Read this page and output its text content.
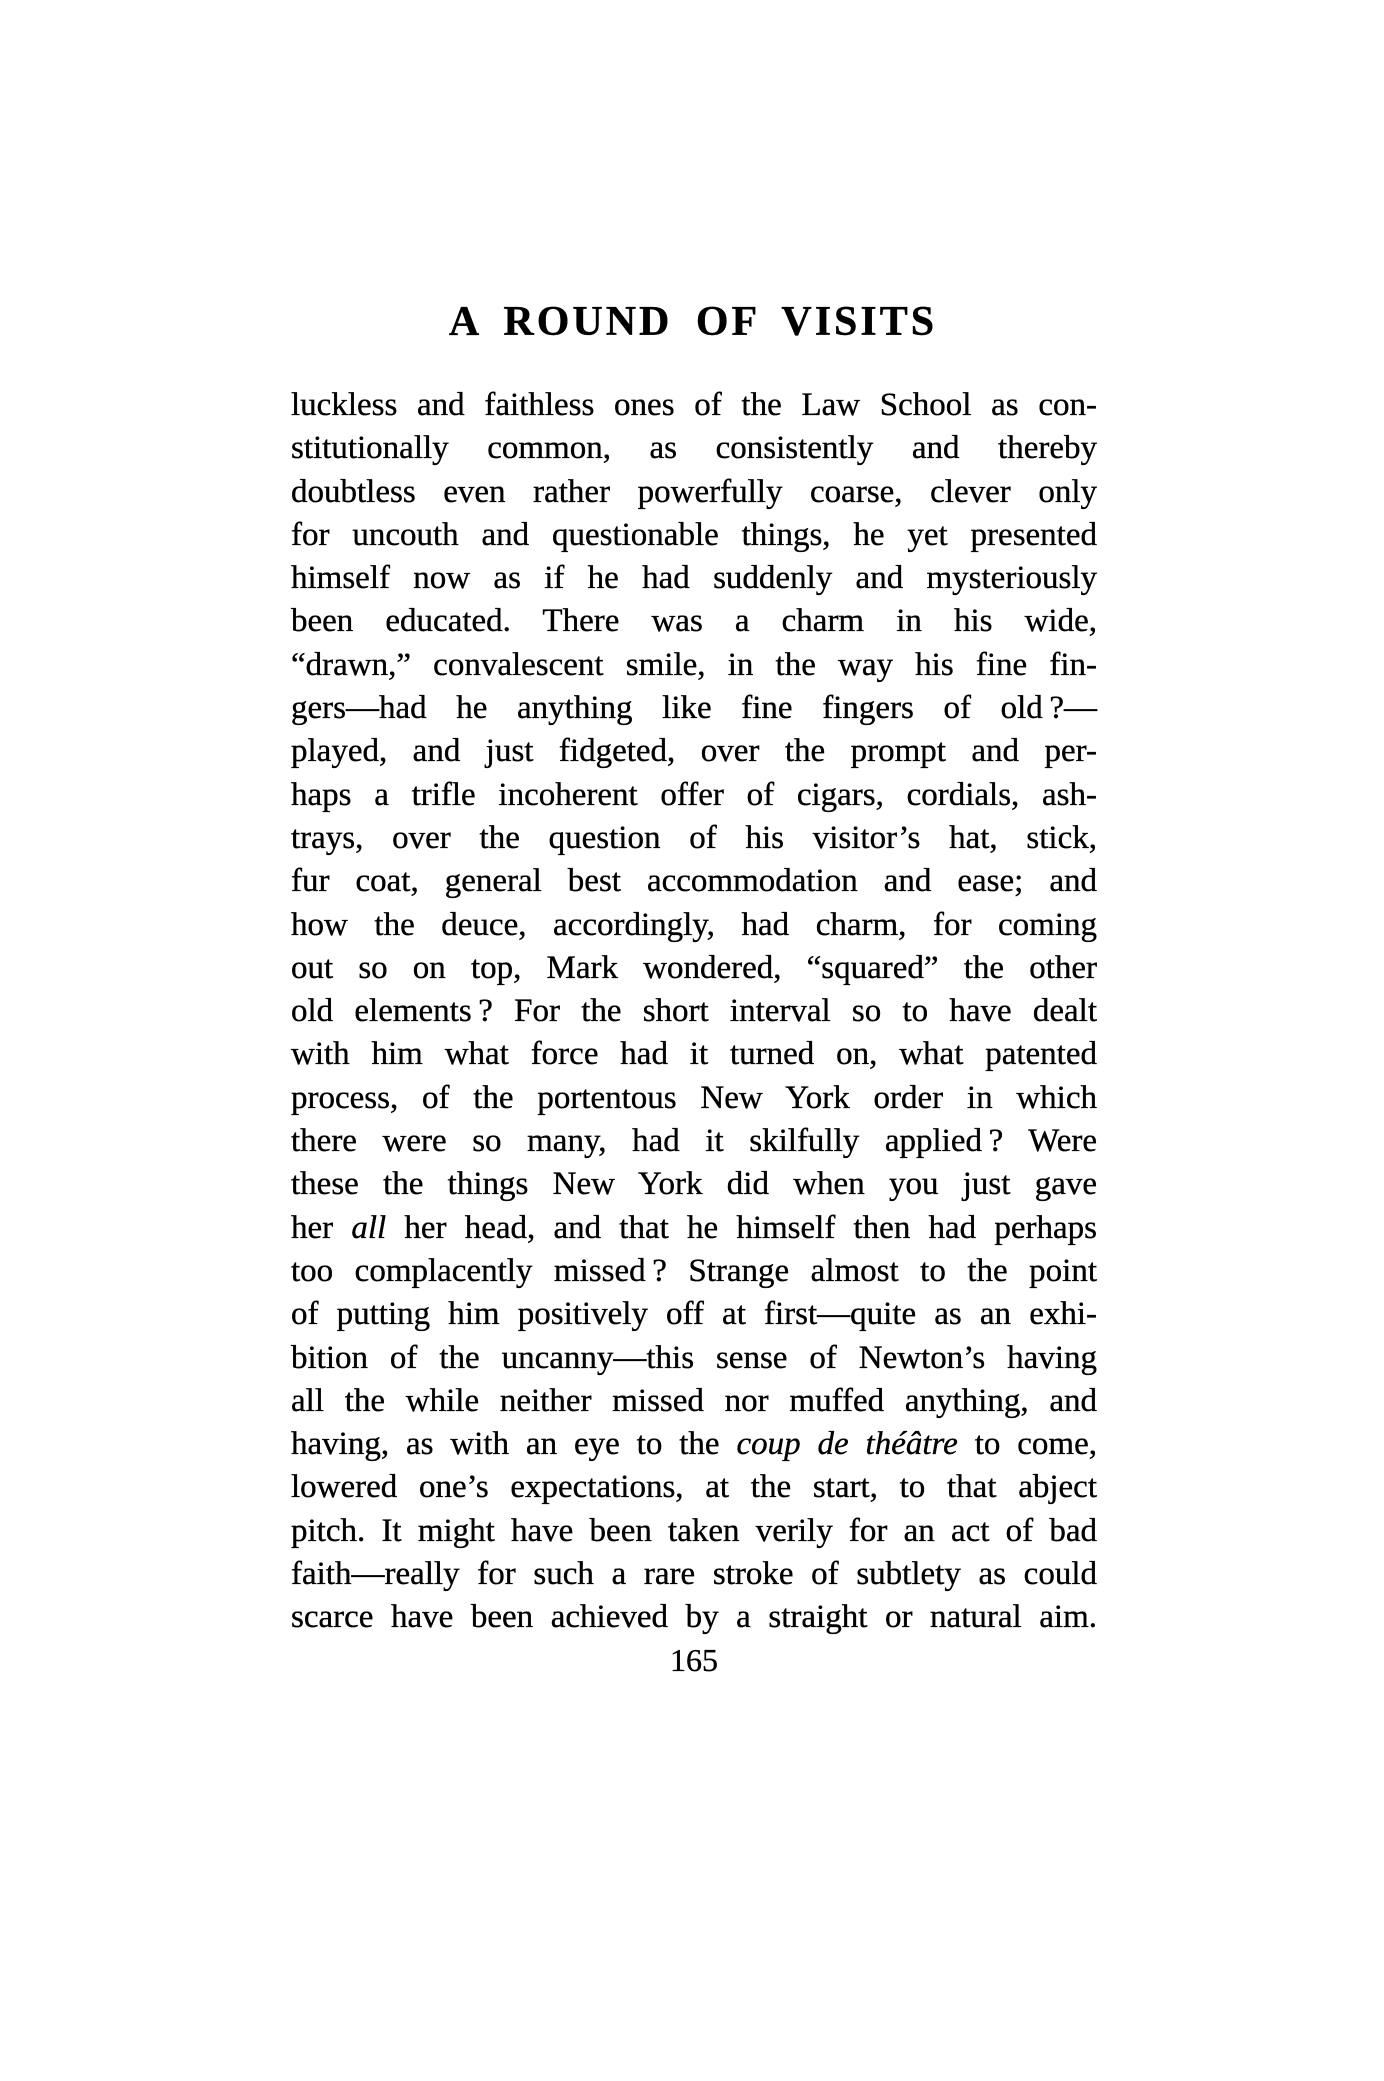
A ROUND OF VISITS
luckless and faithless ones of the Law School as con-
stitutionally common, as consistently and thereby
doubtless even rather powerfully coarse, clever only
for uncouth and questionable things, he yet presented
himself now as if he had suddenly and mysteriously
been educated. There was a charm in his wide,
“drawn,” convalescent smile, in the way his fine fin-
gers—had he anything like fine fingers of old ?—
played, and just fidgeted, over the prompt and per-
haps a trifle incoherent offer of cigars, cordials, ash-
trays, over the question of his visitor’s hat, stick,
fur coat, general best accommodation and ease; and
how the deuce, accordingly, had charm, for coming
out so on top, Mark wondered, “squared” the other
old elements ? For the short interval so to have dealt
with him what force had it turned on, what patented
process, of the portentous New York order in which
there were so many, had it skilfully applied ? Were
these the things New York did when you just gave
her all her head, and that he himself then had perhaps
too complacently missed ? Strange almost to the point
of putting him positively off at first—quite as an exhi-
bition of the uncanny—this sense of Newton’s having
all the while neither missed nor muffed anything, and
having, as with an eye to the coup de théâtre to come,
lowered one’s expectations, at the start, to that abject
pitch. It might have been taken verily for an act of bad
faith—really for such a rare stroke of subtlety as could
scarce have been achieved by a straight or natural aim.
165
